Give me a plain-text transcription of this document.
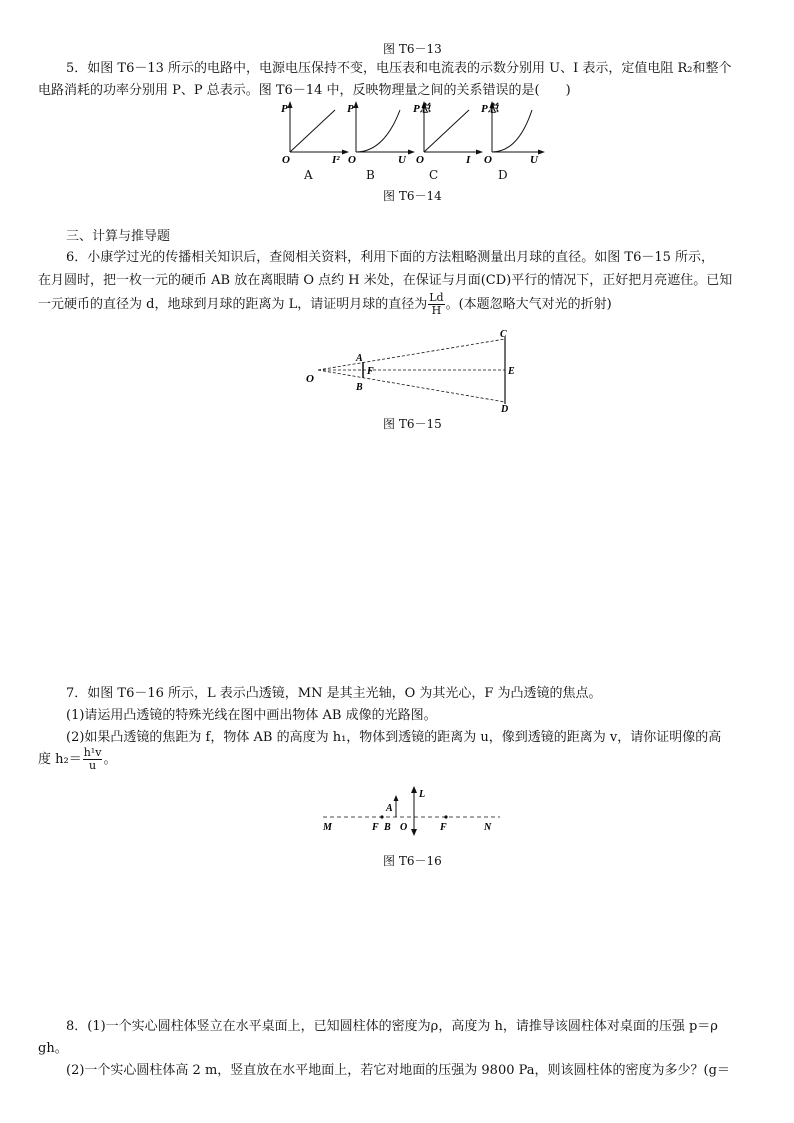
图 T6－13
5．如图 T6－13 所示的电路中，电源电压保持不变，电压表和电流表的示数分别用 U、I 表示，定值电阻 R₂和整个
电路消耗的功率分别用 P、P 总表示。图 T6－14 中，反映物理量之间的关系错误的是(　　)
P
O	I²
P
O	U
P总
O	I
P总
O	U
A	B	C	D
图 T6－14
三、计算与推导题
6．小康学过光的传播相关知识后，查阅相关资料，利用下面的方法粗略测量出月球的直径。如图 T6－15 所示，
在月圆时，把一枚一元的硬币 AB 放在离眼睛 O 点约 H 米处，在保证与月面(CD)平行的情况下，正好把月亮遮住。已知
一元硬币的直径为 d，地球到月球的距离为 L，请证明月球的直径为 $\frac{Ld}{H}$ 。(本题忽略大气对光的折射)
O
A
F
B
C
E
D
图 T6－15
7．如图 T6－16 所示，L 表示凸透镜，MN 是其主光轴，O 为其光心，F 为凸透镜的焦点。
(1)请运用凸透镜的特殊光线在图中画出物体 AB 成像的光路图。
(2)如果凸透镜的焦距为 f，物体 AB 的高度为 h₁，物体到透镜的距离为 u，像到透镜的距离为 v，请你证明像的高
度 $h_2= \frac{\text{h¹v}}{u}$ 。
L
M	F B
A
O	F	N
图 T6－16
8．(1)一个实心圆柱体竖立在水平桌面上，已知圆柱体的密度为ρ，高度为 h，请推导该圆柱体对桌面的压强 p＝ρ
gh。
(2)一个实心圆柱体高 2 m，竖直放在水平地面上，若它对地面的压强为 9800 Pa，则该圆柱体的密度为多少？(g＝
